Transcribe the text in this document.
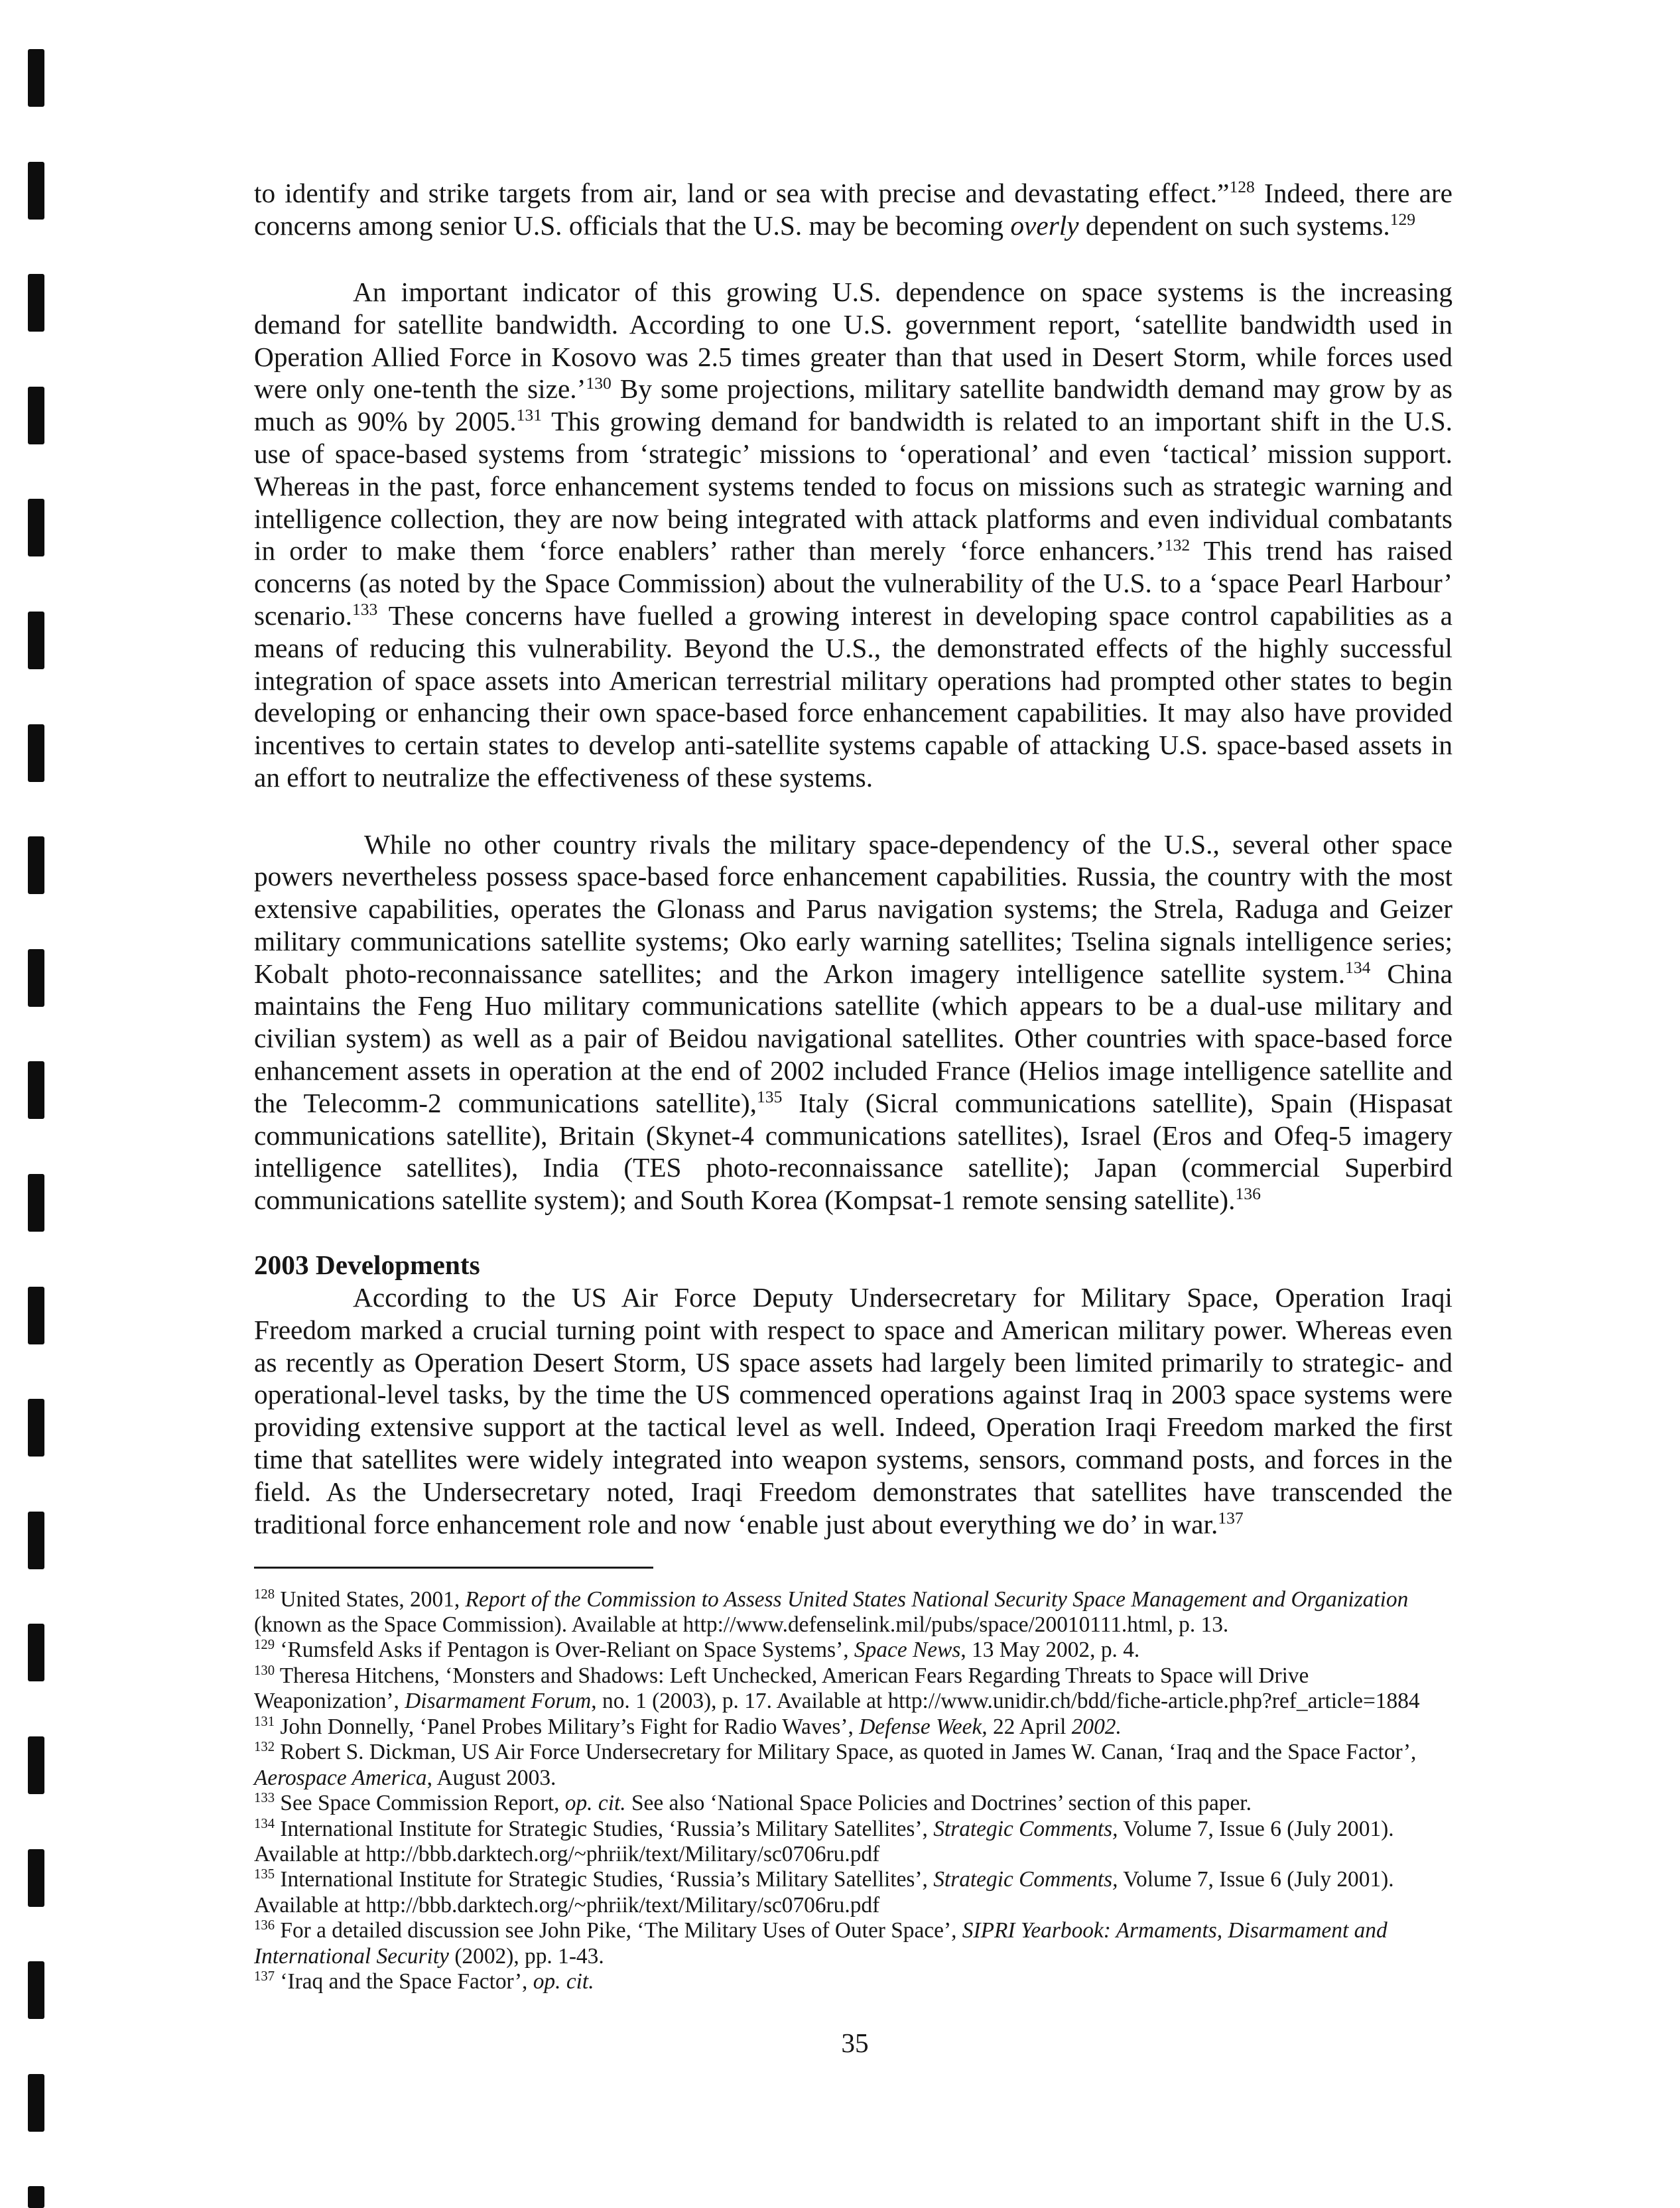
to identify and strike targets from air, land or sea with precise and devastating effect.”$^{128}$ Indeed, there are
concerns among senior U.S. officials that the U.S. may be becoming overly dependent on such systems.$^{129}$
An important indicator of this growing U.S. dependence on space systems is the increasing
demand for satellite bandwidth. According to one U.S. government report, ‘satellite bandwidth used in
Operation Allied Force in Kosovo was 2.5 times greater than that used in Desert Storm, while forces used
were only one-tenth the size.’$^{130}$ By some projections, military satellite bandwidth demand may grow by as
much as 90% by 2005.$^{131}$ This growing demand for bandwidth is related to an important shift in the U.S.
use of space-based systems from ‘strategic’ missions to ‘operational’ and even ‘tactical’ mission support.
Whereas in the past, force enhancement systems tended to focus on missions such as strategic warning and
intelligence collection, they are now being integrated with attack platforms and even individual combatants
in order to make them ‘force enablers’ rather than merely ‘force enhancers.’$^{132}$ This trend has raised
concerns (as noted by the Space Commission) about the vulnerability of the U.S. to a ‘space Pearl Harbour’
scenario.$^{133}$ These concerns have fuelled a growing interest in developing space control capabilities as a
means of reducing this vulnerability. Beyond the U.S., the demonstrated effects of the highly successful
integration of space assets into American terrestrial military operations had prompted other states to begin
developing or enhancing their own space-based force enhancement capabilities. It may also have provided
incentives to certain states to develop anti-satellite systems capable of attacking U.S. space-based assets in
an effort to neutralize the effectiveness of these systems.
While no other country rivals the military space-dependency of the U.S., several other space
powers nevertheless possess space-based force enhancement capabilities. Russia, the country with the most
extensive capabilities, operates the Glonass and Parus navigation systems; the Strela, Raduga and Geizer
military communications satellite systems; Oko early warning satellites; Tselina signals intelligence series;
Kobalt photo-reconnaissance satellites; and the Arkon imagery intelligence satellite system.$^{134}$ China
maintains the Feng Huo military communications satellite (which appears to be a dual-use military and
civilian system) as well as a pair of Beidou navigational satellites. Other countries with space-based force
enhancement assets in operation at the end of 2002 included France (Helios image intelligence satellite and
the Telecomm-2 communications satellite),$^{135}$ Italy (Sicral communications satellite), Spain (Hispasat
communications satellite), Britain (Skynet-4 communications satellites), Israel (Eros and Ofeq-5 imagery
intelligence satellites), India (TES photo-reconnaissance satellite); Japan (commercial Superbird
communications satellite system); and South Korea (Kompsat-1 remote sensing satellite).$^{136}$
According to the US Air Force Deputy Undersecretary for Military Space, Operation Iraqi
Freedom marked a crucial turning point with respect to space and American military power. Whereas even
as recently as Operation Desert Storm, US space assets had largely been limited primarily to strategic- and
operational-level tasks, by the time the US commenced operations against Iraq in 2003 space systems were
providing extensive support at the tactical level as well. Indeed, Operation Iraqi Freedom marked the first
time that satellites were widely integrated into weapon systems, sensors, command posts, and forces in the
field. As the Undersecretary noted, Iraqi Freedom demonstrates that satellites have transcended the
traditional force enhancement role and now ‘enable just about everything we do’ in war.$^{137}$
2003 Developments
$^{128}$ United States, 2001, Report of the Commission to Assess United States National Security Space Management and Organization
(known as the Space Commission). Available at http://www.defenselink.mil/pubs/space/20010111.html, p. 13.
$^{129}$ ‘Rumsfeld Asks if Pentagon is Over-Reliant on Space Systems’, Space News, 13 May 2002, p. 4.
$^{130}$ Theresa Hitchens, ‘Monsters and Shadows: Left Unchecked, American Fears Regarding Threats to Space will Drive
Weaponization’, Disarmament Forum, no. 1 (2003), p. 17. Available at http://www.unidir.ch/bdd/fiche-article.php?ref_article=1884
$^{131}$ John Donnelly, ‘Panel Probes Military’s Fight for Radio Waves’, Defense Week, 22 April 2002.
$^{132}$ Robert S. Dickman, US Air Force Undersecretary for Military Space, as quoted in James W. Canan, ‘Iraq and the Space Factor’,
Aerospace America, August 2003.
$^{133}$ See Space Commission Report, op. cit. See also ‘National Space Policies and Doctrines’ section of this paper.
$^{134}$ International Institute for Strategic Studies, ‘Russia’s Military Satellites’, Strategic Comments, Volume 7, Issue 6 (July 2001).
Available at http://bbb.darktech.org/~phriik/text/Military/sc0706ru.pdf
$^{135}$ International Institute for Strategic Studies, ‘Russia’s Military Satellites’, Strategic Comments, Volume 7, Issue 6 (July 2001).
Available at http://bbb.darktech.org/~phriik/text/Military/sc0706ru.pdf
$^{136}$ For a detailed discussion see John Pike, ‘The Military Uses of Outer Space’, SIPRI Yearbook: Armaments, Disarmament and
International Security (2002), pp. 1-43.
$^{137}$ ‘Iraq and the Space Factor’, op. cit.
35
